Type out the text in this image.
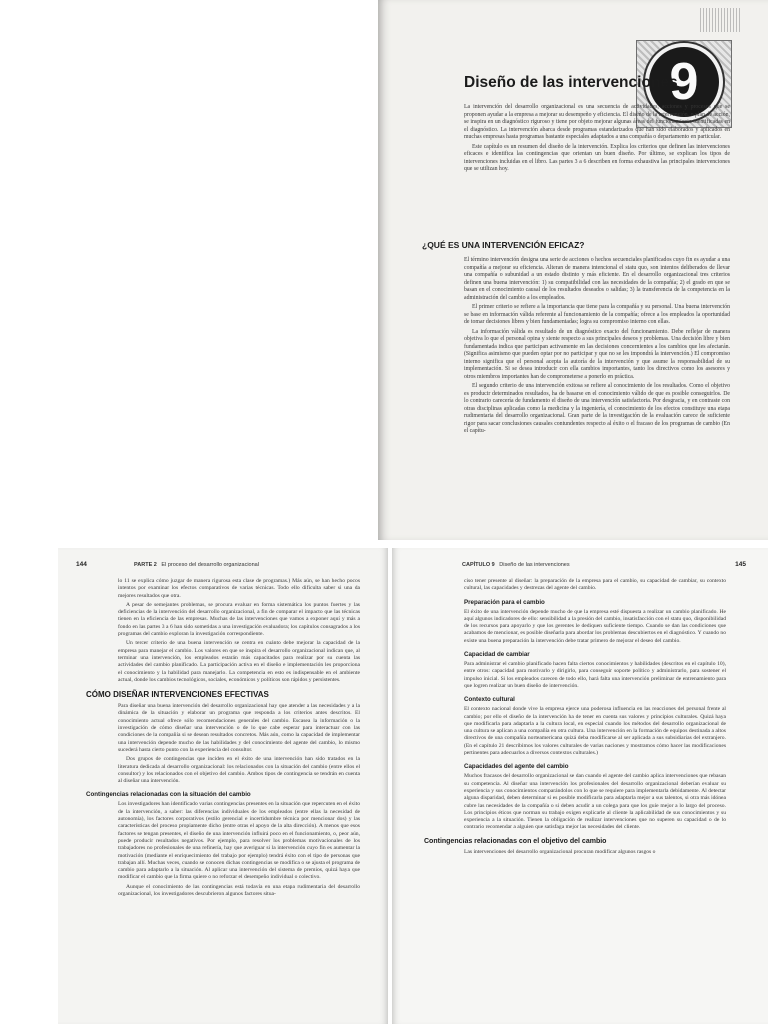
9
Diseño de las intervenciones

La intervención del desarrollo organizacional es una secuencia de actividades, acciones y procesos que se proponen ayudar a la empresa a mejorar su desempeño y eficiencia. El diseño de la intervención, o plan de acción, se inspira en un diagnóstico riguroso y tiene por objeto mejorar algunas áreas del funcionamiento identificadas en el diagnóstico. La intervención abarca desde programas estandarizados que han sido elaborados y aplicados en muchas empresas hasta programas bastante especiales adaptados a una compañía o departamento en particular.

Este capítulo es un resumen del diseño de la intervención. Explica los criterios que definen las intervenciones eficaces e identifica las contingencias que orientan un buen diseño. Por último, se explican los tipos de intervenciones incluidas en el libro. Las partes 3 a 6 describen en forma exhaustiva las principales intervenciones que se utilizan hoy.

¿QUÉ ES UNA INTERVENCIÓN EFICAZ?

El término intervención designa una serie de acciones o hechos secuenciales planificados cuyo fin es ayudar a una compañía a mejorar su eficiencia. Alteran de manera intencional el statu quo, son intentos deliberados de llevar una compañía o subunidad a un estado distinto y más eficiente. En el desarrollo organizacional tres criterios definen una buena intervención: 1) su compatibilidad con las necesidades de la compañía; 2) el grado en que se basan en el conocimiento causal de los resultados deseados o salidas; 3) la transferencia de la competencia en la administración del cambio a los empleados.

El primer criterio se refiere a la importancia que tiene para la compañía y su personal. Una buena intervención se base en información válida referente al funcionamiento de la compañía; ofrece a los empleados la oportunidad de tomar decisiones libres y bien fundamentadas; logra su compromiso interno con ellas.

La información válida es resultado de un diagnóstico exacto del funcionamiento. Debe reflejar de manera objetiva lo que el personal opina y siente respecto a sus principales deseos y problemas. Una decisión libre y bien fundamentada indica que participan activamente en las decisiones concernientes a los cambios que les afectarán. (Significa asimismo que pueden optar por no participar y que no se les impondrá la intervención.) El compromiso interno significa que el personal acepta la autoría de la intervención y que asume la responsabilidad de su implementación. Si se desea introducir con ella cambios importantes, tanto los directivos como los asesores y otros miembros importantes han de comprometerse a ponerlo en práctica.

El segundo criterio de una intervención exitosa se refiere al conocimiento de los resultados. Como el objetivo es producir determinados resultados, ha de basarse en el conocimiento válido de que es posible conseguirlos. De lo contrario carecería de fundamento el diseño de una intervención satisfactoria. Por desgracia, y en contraste con otras disciplinas aplicadas como la medicina y la ingeniería, el conocimiento de los efectos constituye una etapa rudimentaria del desarrollo organizacional. Gran parte de la investigación de la evaluación carece de suficiente rigor para sacar conclusiones causales contundentes respecto al éxito o el fracaso de los programas de cambio (En el capítu-

144	PARTE 2 El proceso del desarrollo organizacional

lo 11 se explica cómo juzgar de manera rigurosa esta clase de programas.) Más aún, se han hecho pocos intentos por examinar los efectos comparativos de varias técnicas. Todo ello dificulta saber si una da mejores resultados que otra.

A pesar de semejantes problemas, se procura evaluar en forma sistemática los puntos fuertes y las deficiencias de la intervención del desarrollo organizacional, a fin de comparar el impacto que las técnicas tienen en la eficiencia de las empresas. Muchas de las intervenciones que vamos a exponer aquí y más a fondo en las partes 3 a 6 han sido sometidas a una investigación evaluadora; los capítulos consagrados a los programas del cambio exploran la investigación correspondiente.

Un tercer criterio de una buena intervención se centra en cuánto debe mejorar la capacidad de la empresa para manejar el cambio. Los valores en que se inspira el desarrollo organizacional indican que, al terminar una intervención, los empleados estarán más capacitados para realizar por su cuenta las actividades del cambio planificado. La participación activa en el diseño e implementación les proporciona el conocimiento y la habilidad para manejarlo. La competencia en esto es indispensable en el ambiente actual, donde los cambios tecnológicos, sociales, económicos y políticos son rápidos y persistentes.

CÓMO DISEÑAR INTERVENCIONES EFECTIVAS

Para diseñar una buena intervención del desarrollo organizacional hay que atender a las necesidades y a la dinámica de la situación y elaborar un programa que responda a los criterios antes descritos. El conocimiento actual ofrece sólo recomendaciones generales del cambio. Escasea la información o la investigación de cómo diseñar una intervención o de lo que cabe esperar para interactuar con las condiciones de la compañía si se desean resultados concretos. Más aún, como la capacidad de implementar una intervención depende mucho de las habilidades y del conocimiento del agente del cambio, lo mismo sucederá hasta cierto punto con la experiencia del consultor.

Dos grupos de contingencias que inciden en el éxito de una intervención han sido tratados en la literatura dedicada al desarrollo organizacional: los relacionados con la situación del cambio (entre ellos el consultor) y los relacionados con el objetivo del cambio. Ambos tipos de contingencia se tendrán en cuenta al diseñar una intervención.

Contingencias relacionadas con la situación del cambio

Los investigadores han identificado varias contingencias presentes en la situación que repercuten en el éxito de la intervención, a saber: las diferencias individuales de los empleados (entre ellas la necesidad de autonomía), los factores corporativos (estilo gerencial e incertidumbre técnica por mencionar dos) y las características del proceso propiamente dicho (entre otras el apoyo de la alta dirección). A menos que esos factores se tengan presentes, el diseño de una intervención influirá poco en el funcionamiento, o, peor aún, puede producir resultados negativos. Por ejemplo, para resolver los problemas motivacionales de los trabajadores no profesionales de una refinería, hay que averiguar si la intervención cuyo fin es aumentar la motivación (mediante el enriquecimiento del trabajo por ejemplo) tendrá éxito con el tipo de personas que trabajan allí. Muchas veces, cuando se conocen dichas contingencias se modifica o se ajusta el programa de cambio para adaptarlo a la situación. Al aplicar una intervención del sistema de premios, quizá haya que modificar el cambio que la firma quiere o no reforzar el desempeño individual o colectivo.

Aunque el conocimiento de las contingencias está todavía en una etapa rudimentaria del desarrollo organizacional, los investigadores descubrieron algunos factores situa-

CAPÍTULO 9 Diseño de las intervenciones	145

ciso tener presente al diseñar: la preparación de la empresa para el cambio, su capacidad de cambiar, su contexto cultural, las capacidades y destrezas del agente del cambio.

Preparación para el cambio

El éxito de una intervención depende mucho de que la empresa esté dispuesta a realizar un cambio planificado. He aquí algunos indicadores de ello: sensibilidad a la presión del cambio, insatisfacción con el statu quo, disponibilidad de los recursos para apoyarlo y que los gerentes le dediquen suficiente tiempo. Cuando se dan las condiciones que acabamos de mencionar, es posible diseñarla para abordar los problemas descubiertos en el diagnóstico. Y cuando no existe una buena preparación la intervención debe tratar primero de mejorar el deseo del cambio.

Capacidad de cambiar

Para administrar el cambio planificado hacen falta ciertos conocimientos y habilidades (descritos en el capítulo 10), entre otros: capacidad para motivarlo y dirigirlo, para conseguir soporte político y administrarlo, para sostener el impulso inicial. Si los empleados carecen de todo ello, hará falta una intervención preliminar de entrenamiento para que logren realizar un buen diseño de intervención.

Contexto cultural

El contexto nacional donde vive la empresa ejerce una poderosa influencia en las reacciones del personal frente al cambio; por ello el diseño de la intervención ha de tener en cuenta sus valores y principios culturales. Quizá haya que modificarla para adaptarla a la cultura local, en especial cuando los métodos del desarrollo organizacional de una cultura se aplican a una compañía en otra cultura. Una intervención en la formación de equipos destinada a altos directivos de una compañía norteamericana quizá deba modificarse al ser aplicada a sus subsidiarias del extranjero. (En el capítulo 21 describimos los valores culturales de varias naciones y mostramos cómo hacer las modificaciones pertinentes para adecuarlos a diversos contextos culturales.)

Capacidades del agente del cambio

Muchos fracasos del desarrollo organizacional se dan cuando el agente del cambio aplica intervenciones que rebasan su competencia. Al diseñar una intervención los profesionales del desarrollo organizacional deberían evaluar su experiencia y sus conocimientos comparándolos con lo que se requiere para implementarla debidamente. Al detectar alguna disparidad, deben determinar si es posible modificarla para adaptarla mejor a sus talentos, si otra más idónea cubre las necesidades de la compañía o si deben acudir a un colega para que los guíe mejor a lo largo del proceso. Los principios éticos que norman su trabajo exigen explicarle al cliente la aplicabilidad de sus conocimientos y su experiencia a la situación. Tienen la obligación de realizar intervenciones que no superen su capacidad o de lo contrario recomendar a alguien que satisfaga mejor las necesidades del cliente.

Contingencias relacionadas con el objetivo del cambio

Las intervenciones del desarrollo organizacional procuran modificar algunos rasgos o
